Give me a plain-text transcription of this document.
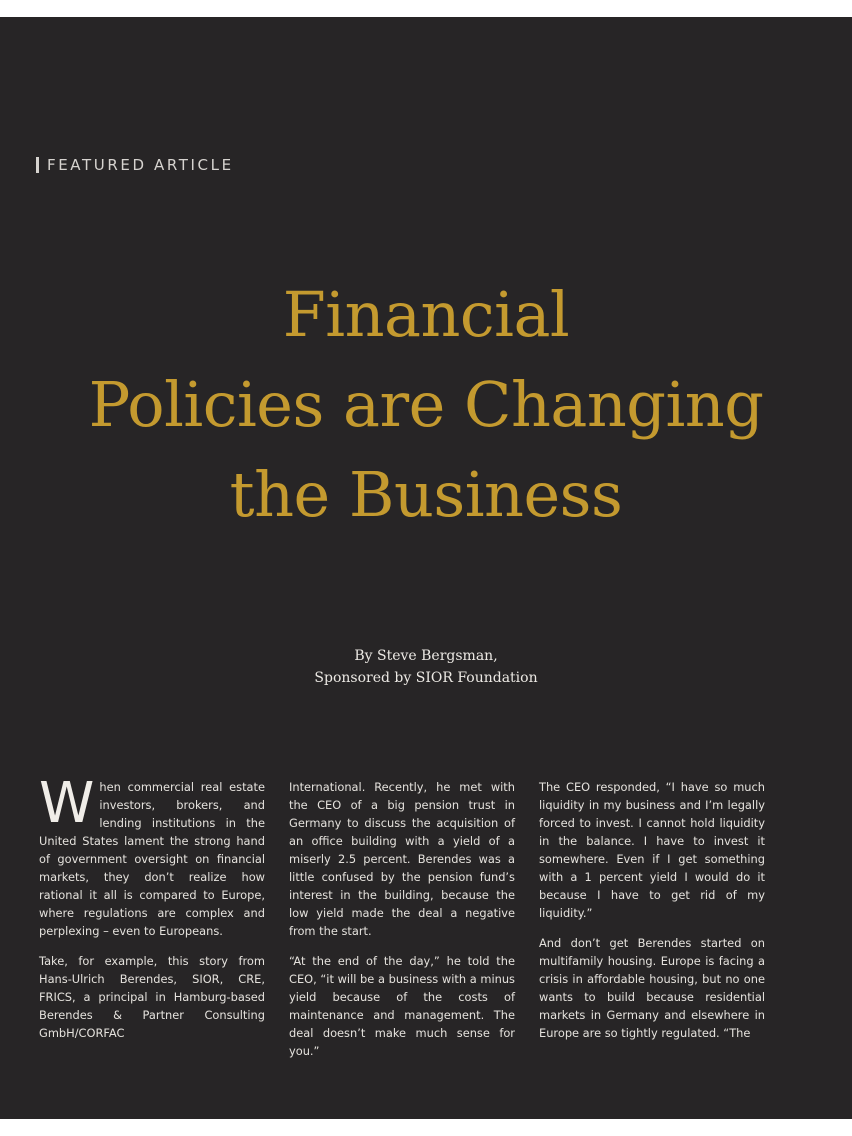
FEATURED ARTICLE
Financial
Policies are Changing
the Business
By Steve Bergsman,
Sponsored by SIOR Foundation

When commercial real estate investors, brokers, and lending institutions in the United States lament the strong hand of government oversight on financial markets, they don’t realize how rational it all is compared to Europe, where regulations are complex and perplexing – even to Europeans.

Take, for example, this story from Hans-Ulrich Berendes, SIOR, CRE, FRICS, a principal in Hamburg-based Berendes & Partner Consulting GmbH/CORFAC

International. Recently, he met with the CEO of a big pension trust in Germany to discuss the acquisition of an office building with a yield of a miserly 2.5 percent. Berendes was a little confused by the pension fund’s interest in the building, because the low yield made the deal a negative from the start.

“At the end of the day,” he told the CEO, “it will be a business with a minus yield because of the costs of maintenance and management. The deal doesn’t make much sense for you.”

The CEO responded, “I have so much liquidity in my business and I’m legally forced to invest. I cannot hold liquidity in the balance. I have to invest it somewhere. Even if I get something with a 1 percent yield I would do it because I have to get rid of my liquidity.”

And don’t get Berendes started on multifamily housing. Europe is facing a crisis in affordable housing, but no one wants to build because residential markets in Germany and elsewhere in Europe are so tightly regulated. “The
